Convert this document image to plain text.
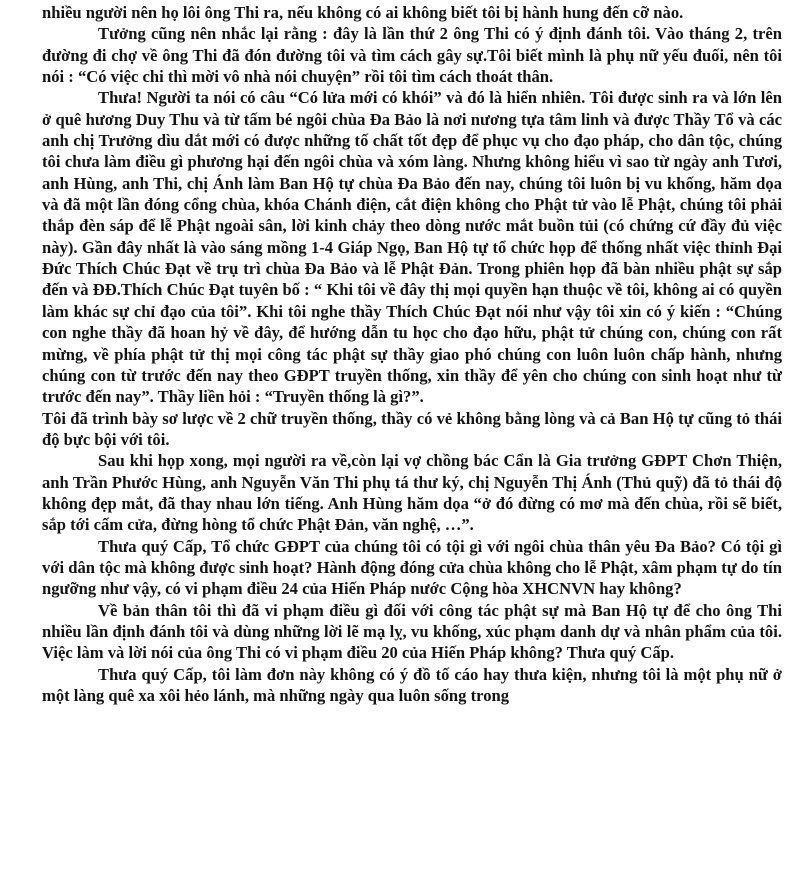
nhiều người nên họ lôi ông Thi ra, nếu không có ai không biết tôi bị hành hung đến cỡ nào.

Tưởng cũng nên nhắc lại rằng : đây là lần thứ 2 ông Thi có ý định đánh tôi. Vào tháng 2, trên đường đi chợ về ông Thi đã đón đường tôi và tìm cách gây sự.Tôi biết mình là phụ nữ yếu đuối, nên tôi nói : “Có việc chi thì mời vô nhà nói chuyện” rồi tôi tìm cách thoát thân.

Thưa! Người ta nói có câu “Có lửa mới có khói” và đó là hiển nhiên. Tôi được sinh ra và lớn lên ở quê hương Duy Thu và từ tấm bé ngôi chùa Đa Bảo là nơi nương tựa tâm linh và được Thầy Tổ và các anh chị Trưởng dìu dắt mới có được những tố chất tốt đẹp để phục vụ cho đạo pháp, cho dân tộc, chúng tôi chưa làm điều gì phương hại đến ngôi chùa và xóm làng. Nhưng không hiểu vì sao từ ngày anh Tươi, anh Hùng, anh Thi, chị Ánh làm Ban Hộ tự chùa Đa Bảo đến nay, chúng tôi luôn bị vu khống, hăm dọa và đã một lần đóng cổng chùa, khóa Chánh điện, cắt điện không cho Phật tử vào lễ Phật, chúng tôi phải thắp đèn sáp để lễ Phật ngoài sân, lời kinh chảy theo dòng nước mắt buồn tủi (có chứng cứ đầy đủ việc này). Gần đây nhất là vào sáng mồng 1-4 Giáp Ngọ, Ban Hộ tự tổ chức họp để thống nhất việc thỉnh Đại Đức Thích Chúc Đạt về trụ trì chùa Đa Bảo và lễ Phật Đản. Trong phiên họp đã bàn nhiều phật sự sắp đến và ĐĐ.Thích Chúc Đạt tuyên bố : “ Khi tôi về đây thị mọi quyền hạn thuộc về tôi, không ai có quyền làm khác sự chỉ đạo của tôi”. Khi tôi nghe thầy Thích Chúc Đạt nói như vậy tôi xin có ý kiến : “Chúng con nghe thầy đã hoan hỷ về đây, để hướng dẫn tu học cho đạo hữu, phật tử chúng con, chúng con rất mừng, về phía phật tử thị mọi công tác phật sự thầy giao phó chúng con luôn luôn chấp hành, nhưng chúng con từ trước đến nay theo GĐPT truyền thống, xin thầy để yên cho chúng con sinh hoạt như từ trước đến nay”. Thầy liền hỏi : “Truyền thống là gì?”.

Tôi đã trình bày sơ lược về 2 chữ truyền thống, thầy có vẻ không bằng lòng và cả Ban Hộ tự cũng tỏ thái độ bực bội với tôi.

Sau khi họp xong, mọi người ra về,còn lại vợ chồng bác Cẩn là Gia trưởng GĐPT Chơn Thiện, anh Trần Phước Hùng, anh Nguyễn Văn Thi phụ tá thư ký, chị Nguyễn Thị Ánh (Thủ quỹ) đã tỏ thái độ không đẹp mắt, đã thay nhau lớn tiếng. Anh Hùng hăm dọa “ở đó đừng có mơ mà đến chùa, rồi sẽ biết, sắp tới cấm cửa, đừng hòng tổ chức Phật Đản, văn nghệ, …”.

Thưa quý Cấp, Tổ chức GĐPT của chúng tôi có tội gì với ngôi chùa thân yêu Đa Bảo? Có tội gì với dân tộc mà không được sinh hoạt? Hành động đóng cửa chùa không cho lễ Phật, xâm phạm tự do tín ngưỡng như vậy, có vi phạm điều 24 của Hiến Pháp nước Cộng hòa XHCNVN hay không?

Về bản thân tôi thì đã vi phạm điều gì đối với công tác phật sự mà Ban Hộ tự để cho ông Thi nhiều lần định đánh tôi và dùng những lời lẽ mạ lỵ, vu khống, xúc phạm danh dự và nhân phẩm của tôi. Việc làm và lời nói của ông Thi có vi phạm điều 20 của Hiến Pháp không? Thưa quý Cấp.

Thưa quý Cấp, tôi làm đơn này không có ý đồ tố cáo hay thưa kiện, nhưng tôi là một phụ nữ ở một làng quê xa xôi hẻo lánh, mà những ngày qua luôn sống trong
